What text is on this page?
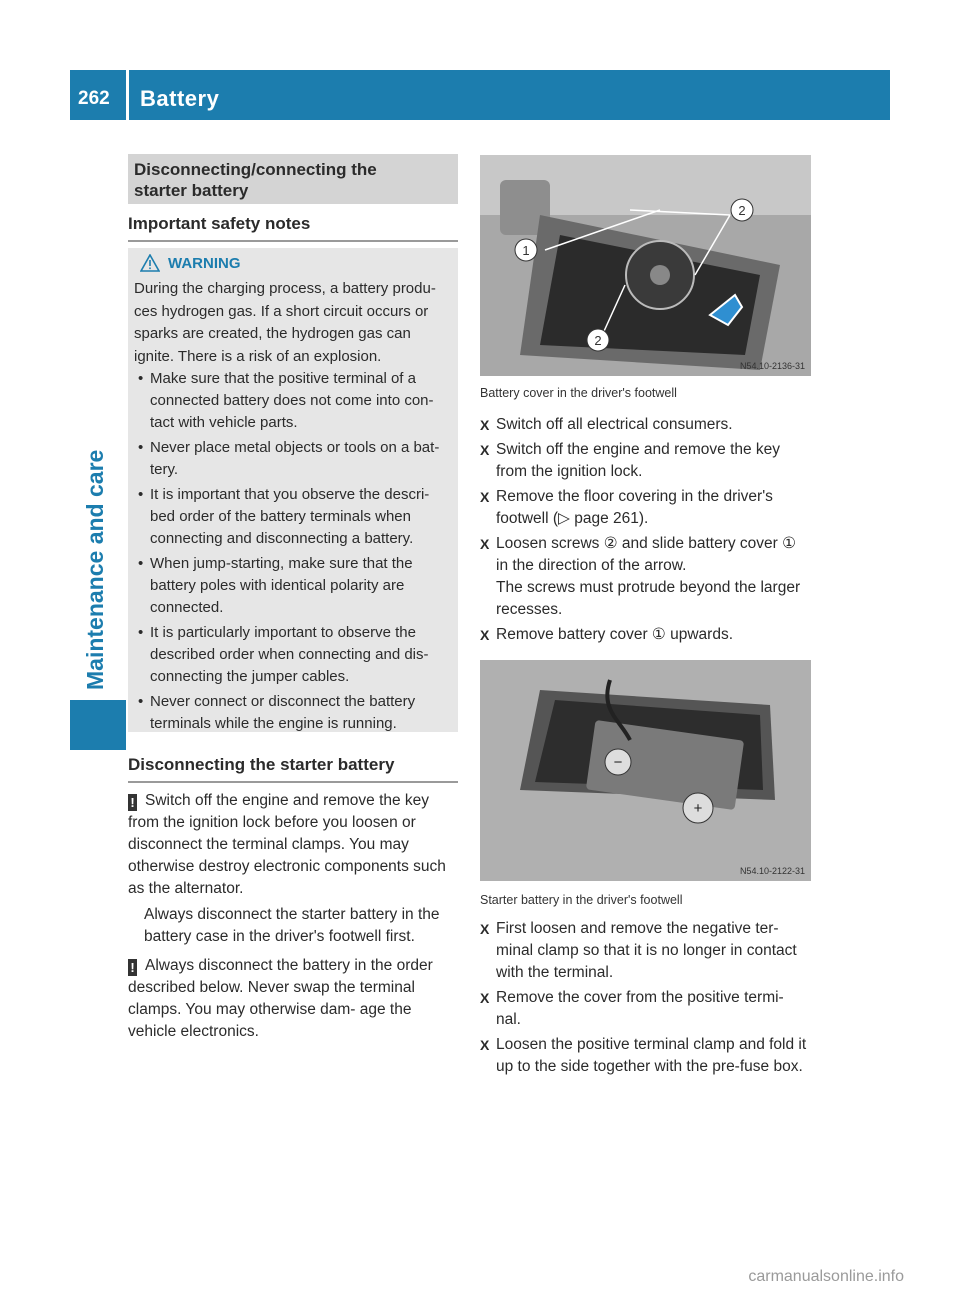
262	Battery
Maintenance and care
Disconnecting/connecting the starter battery
Important safety notes
WARNING
During the charging process, a battery produ- ces hydrogen gas. If a short circuit occurs or sparks are created, the hydrogen gas can ignite. There is a risk of an explosion.
• Make sure that the positive terminal of a connected battery does not come into con- tact with vehicle parts.
• Never place metal objects or tools on a bat- tery.
• It is important that you observe the descri- bed order of the battery terminals when connecting and disconnecting a battery.
• When jump-starting, make sure that the battery poles with identical polarity are connected.
• It is particularly important to observe the described order when connecting and dis- connecting the jumper cables.
• Never connect or disconnect the battery terminals while the engine is running.
Disconnecting the starter battery
! Switch off the engine and remove the key from the ignition lock before you loosen or disconnect the terminal clamps. You may otherwise destroy electronic components such as the alternator.
Always disconnect the starter battery in the battery case in the driver's footwell first.
! Always disconnect the battery in the order described below. Never swap the terminal clamps. You may otherwise dam- age the vehicle electronics.
1
2
2
N54.10-2136-31
Battery cover in the driver's footwell
X Switch off all electrical consumers.
X Switch off the engine and remove the key from the ignition lock.
X Remove the floor covering in the driver's footwell (▷ page 261).
X Loosen screws ② and slide battery cover ① in the direction of the arrow.
The screws must protrude beyond the larger recesses.
X Remove battery cover ① upwards.
−
+
N54.10-2122-31
Starter battery in the driver's footwell
X First loosen and remove the negative ter- minal clamp so that it is no longer in contact with the terminal.
X Remove the cover from the positive termi- nal.
X Loosen the positive terminal clamp and fold it up to the side together with the pre-fuse box.
carmanualsonline.info
